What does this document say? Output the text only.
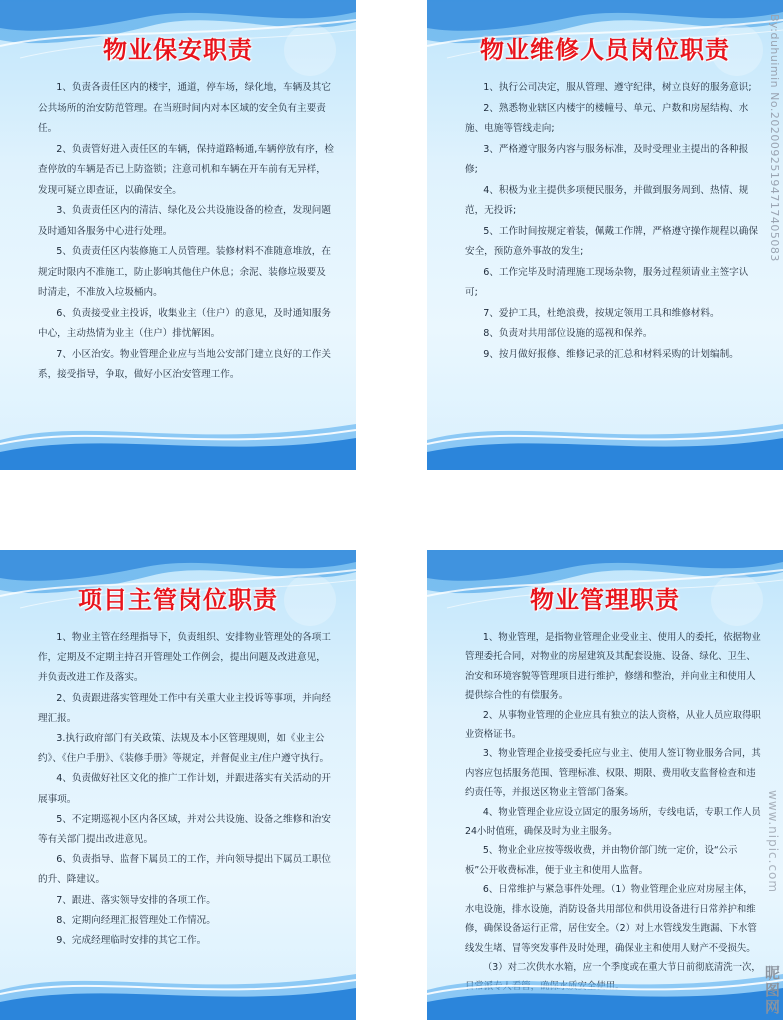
物业保安职责

1、负责各责任区内的楼宇，通道，停车场，绿化地，车辆及其它公共场所的治安防范管理。在当班时间内对本区域的安全负有主要责任。

2、负责管好进入责任区的车辆，保持道路畅通,车辆停放有序，检查停放的车辆是否已上防盗锁；注意司机和车辆在开车前有无异样，发现可疑立即查证，以确保安全。

3、负责责任区内的清洁、绿化及公共设施设备的检查，发现问题及时通知各服务中心进行处理。

5、负责责任区内装修施工人员管理。装修材料不准随意堆放，在规定时限内不准施工，防止影响其他住户休息；余泥、装修垃圾要及时清走，不准放入垃圾桶内。

6、负责接受业主投诉，收集业主（住户）的意见，及时通知服务中心，主动热情为业主（住户）排忧解困。

7、小区治安。物业管理企业应与当地公安部门建立良好的工作关系，接受指导，争取，做好小区治安管理工作。

物业维修人员岗位职责

1、执行公司决定，服从管理、遵守纪律，树立良好的服务意识;

2、熟悉物业辖区内楼宇的楼幢号、单元、户数和房屋结构、水施、电施等管线走向;

3、严格遵守服务内容与服务标准，及时受理业主提出的各种报修;

4、积极为业主提供多项便民服务，并做到服务周到、热情、规范，无投诉;

5、工作时间按规定着装，佩戴工作牌，严格遵守操作规程以确保安全，预防意外事故的发生;

6、工作完毕及时清理施工现场杂物，服务过程须请业主签字认可;

7、爱护工具，杜绝浪费，按规定领用工具和维修材料。

8、负责对共用部位设施的巡视和保养。

9、按月做好报修、维修记录的汇总和材料采购的计划编制。

项目主管岗位职责

1、物业主管在经理指导下，负责组织、安排物业管理处的各项工作，定期及不定期主持召开管理处工作例会，提出问题及改进意见，并负责改进工作及落实。

2、负责跟进落实管理处工作中有关重大业主投诉等事项，并向经理汇报。

3.执行政府部门有关政策、法规及本小区管理规则，如《业主公约》、《住户手册》、《装修手册》等规定，并督促业主/住户遵守执行。

4、负责做好社区文化的推广工作计划，并跟进落实有关活动的开展事项。

5、不定期巡视小区内各区域，并对公共设施、设备之维修和治安等有关部门提出改进意见。

6、负责指导、监督下属员工的工作，并向领导提出下属员工职位的升、降建议。

7、跟进、落实领导安排的各项工作。

8、定期向经理汇报管理处工作情况。

9、完成经理临时安排的其它工作。

物业管理职责

1、物业管理，是指物业管理企业受业主、使用人的委托，依据物业管理委托合同，对物业的房屋建筑及其配套设施、设备、绿化、卫生、治安和环境容貌等管理项目进行维护，修缮和整治，并向业主和使用人提供综合性的有偿服务。

2、从事物业管理的企业应具有独立的法人资格，从业人员应取得职业资格证书。

3、物业管理企业接受委托应与业主、使用人签订物业服务合同，其内容应包括服务范围、管理标准、权限、期限、费用收支监督检查和违约责任等，并报送区物业主管部门备案。

4、物业管理企业应设立固定的服务场所，专线电话，专职工作人员24小时值班，确保及时为业主服务。

5、物业企业应按等级收费，并由物价部门统一定价，设“公示板”公开收费标准，便于业主和使用人监督。

6、日常维护与紧急事件处理。（1）物业管理企业应对房屋主体，水电设施，排水设施，消防设备共用部位和供用设备进行日常养护和维修，确保设备运行正常，居住安全。（2）对上水管线发生跑漏、下水管线发生堵、冒等突发事件及时处理，确保业主和使用人财产不受损失。

（3）对二次供水水箱，应一个季度或在重大节日前彻底清洗一次，

By:duhuimin No.20200925194717405083
www.nipic.com
昵图网
